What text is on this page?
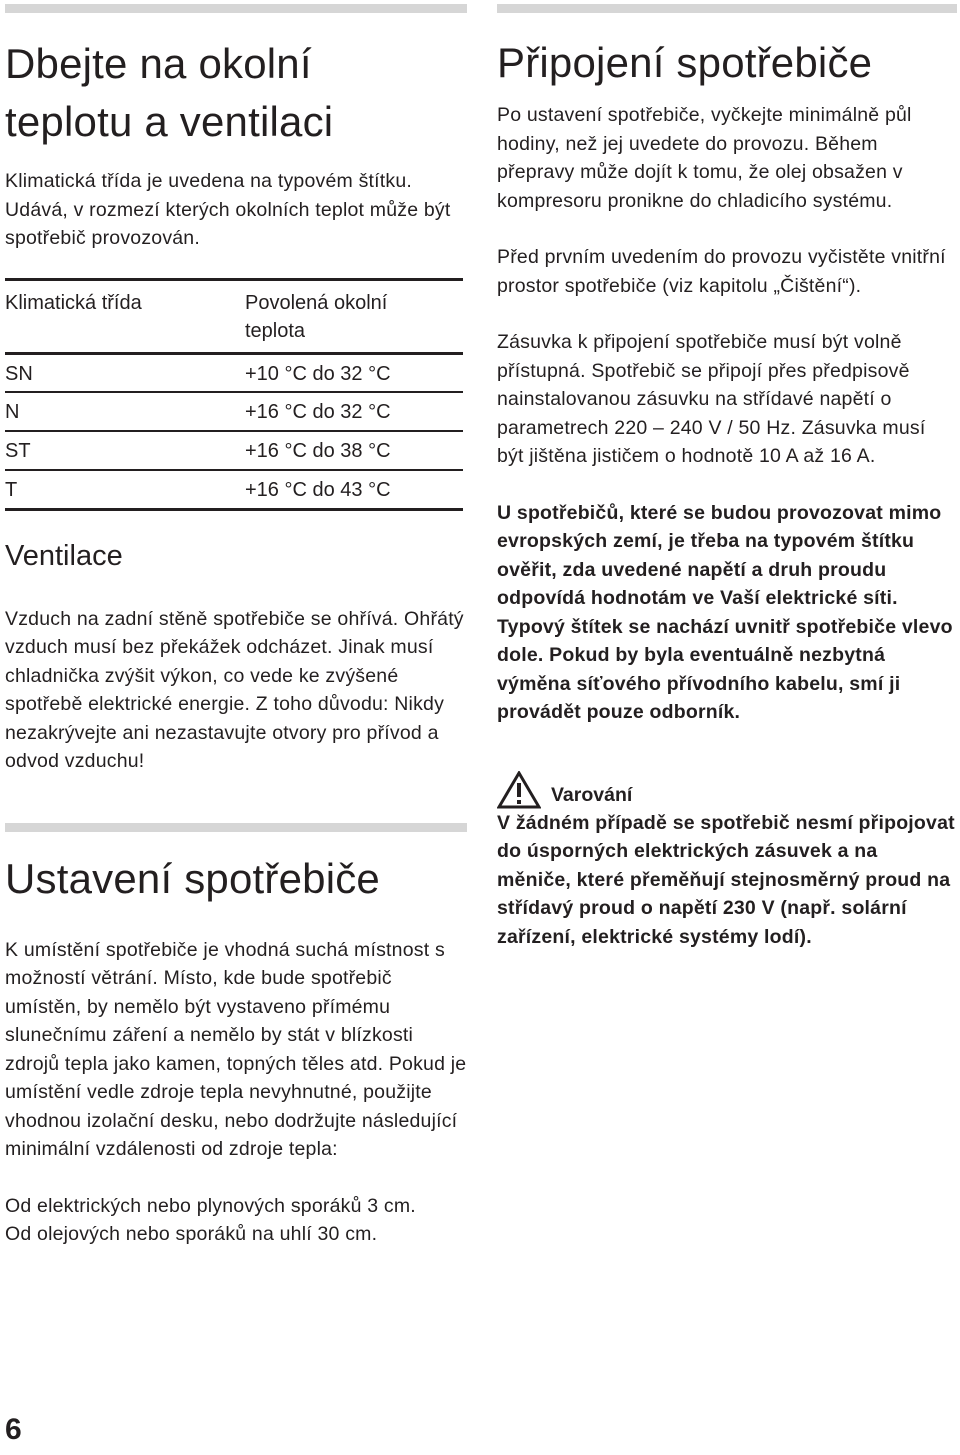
Dbejte na okolní
teplotu a ventilaci

Klimatická třída je uvedena na typovém štítku. Udává, v rozmezí kterých okolních teplot může být spotřebič provozován.

Klimatická třída	Povolená okolní
teplota
SN	+10 °C do 32 °C
N	+16 °C do 32 °C
ST	+16 °C do 38 °C
T	+16 °C do 43 °C
Ventilace

Vzduch na zadní stěně spotřebiče se ohřívá. Ohřátý vzduch musí bez překážek odcházet. Jinak musí chladnička zvýšit výkon, co vede ke zvýšené spotřebě elektrické energie. Z toho důvodu: Nikdy nezakrývejte ani nezastavujte otvory pro přívod a odvod vzduchu!

Ustavení spotřebiče

K umístění spotřebiče je vhodná suchá místnost s možností větrání. Místo, kde bude spotřebič umístěn, by nemělo být vystaveno přímému slunečnímu záření a nemělo by stát v blízkosti zdrojů tepla jako kamen, topných těles atd. Pokud je umístění vedle zdroje tepla nevyhnutné, použijte vhodnou izolační desku, nebo dodržujte následující minimální vzdálenosti od zdroje tepla:

Od elektrických nebo plynových sporáků 3 cm.
Od olejových nebo sporáků na uhlí 30 cm.

Připojení spotřebiče

Po ustavení spotřebiče, vyčkejte minimálně půl hodiny, než jej uvedete do provozu. Během přepravy může dojít k tomu, že olej obsažen v kompresoru pronikne do chladicího systému.

Před prvním uvedením do provozu vyčistěte vnitřní prostor spotřebiče (viz kapitolu „Čištění“).

Zásuvka k připojení spotřebiče musí být volně přístupná. Spotřebič se připojí přes předpisově nainstalovanou zásuvku na střídavé napětí o parametrech 220 – 240 V / 50 Hz. Zásuvka musí být jištěna jističem o hodnotě 10 A až 16 A.

U spotřebičů, které se budou provozovat mimo evropských zemí, je třeba na typovém štítku ověřit, zda uvedené napětí a druh proudu odpovídá hodnotám ve Vaší elektrické síti. Typový štítek se nachází uvnitř spotřebiče vlevo dole. Pokud by byla eventuálně nezbytná výměna síťového přívodního kabelu, smí ji provádět pouze odborník.

Varování

V žádném případě se spotřebič nesmí připojovat do úsporných elektrických zásuvek a na měniče, které přeměňují stejnosměrný proud na střídavý proud o napětí 230 V (např. solární zařízení, elektrické systémy lodí).

6
